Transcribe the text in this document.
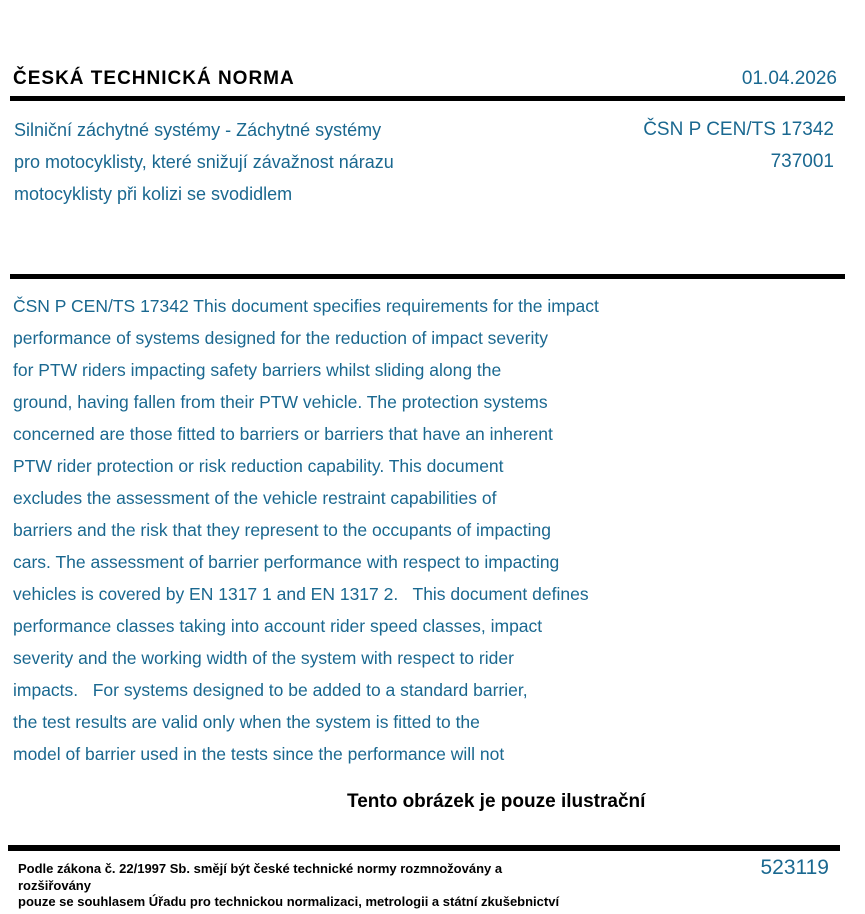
ČESKÁ TECHNICKÁ NORMA	01.04.2026
Silniční záchytné systémy - Záchytné systémy
pro motocyklisty, které snižují závažnost nárazu
motocyklisty při kolizi se svodidlem
ČSN P CEN/TS 17342
737001
ČSN P CEN/TS 17342 This document specifies requirements for the impact
performance of systems designed for the reduction of impact severity
for PTW riders impacting safety barriers whilst sliding along the
ground, having fallen from their PTW vehicle. The protection systems
concerned are those fitted to barriers or barriers that have an inherent
PTW rider protection or risk reduction capability. This document
excludes the assessment of the vehicle restraint capabilities of
barriers and the risk that they represent to the occupants of impacting
cars. The assessment of barrier performance with respect to impacting
vehicles is covered by EN 1317 1 and EN 1317 2.   This document defines
performance classes taking into account rider speed classes, impact
severity and the working width of the system with respect to rider
impacts.   For systems designed to be added to a standard barrier,
the test results are valid only when the system is fitted to the
model of barrier used in the tests since the performance will not
Tento obrázek je pouze ilustrační
Podle zákona č. 22/1997 Sb. smějí být české technické normy rozmnožovány a rozšiřovány
pouze se souhlasem Úřadu pro technickou normalizaci, metrologii a státní zkušebnictví
523119
